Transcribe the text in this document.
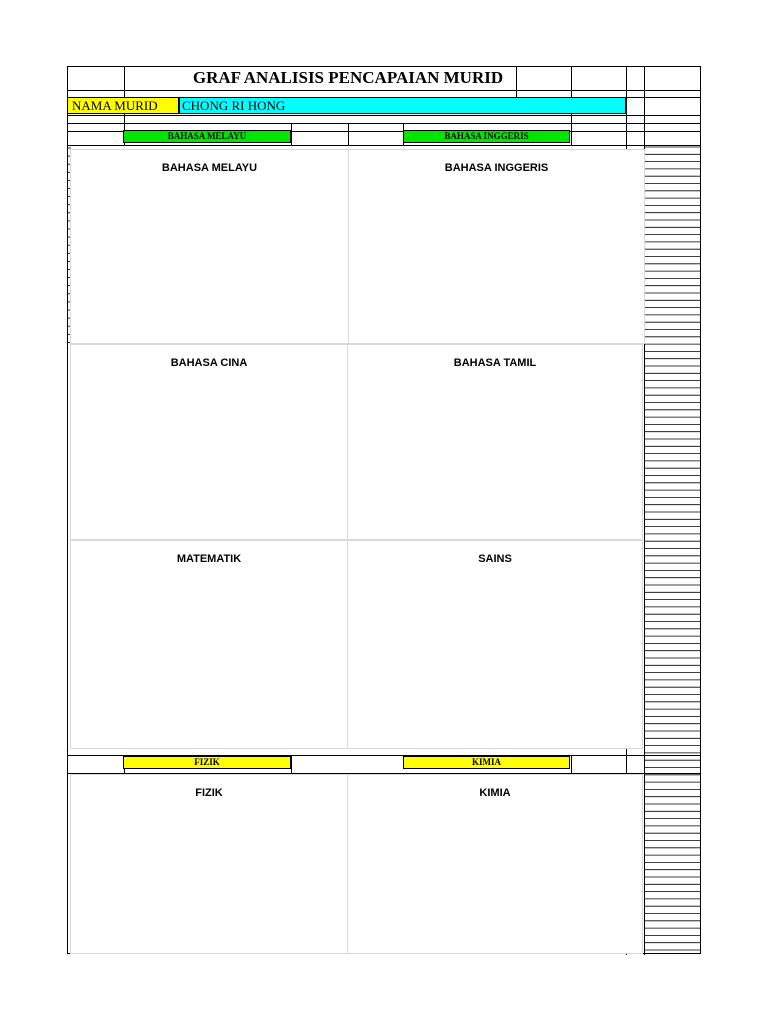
GRAF ANALISIS PENCAPAIAN MURID
NAMA MURID	CHONG RI HONG
BAHASA MELAYU	BAHASA INGGERIS
FIZIK	KIMIA
BAHASA MELAYU	BAHASA INGGERIS
BAHASA CINA	BAHASA TAMIL
MATEMATIK	SAINS
FIZIK	KIMIA
